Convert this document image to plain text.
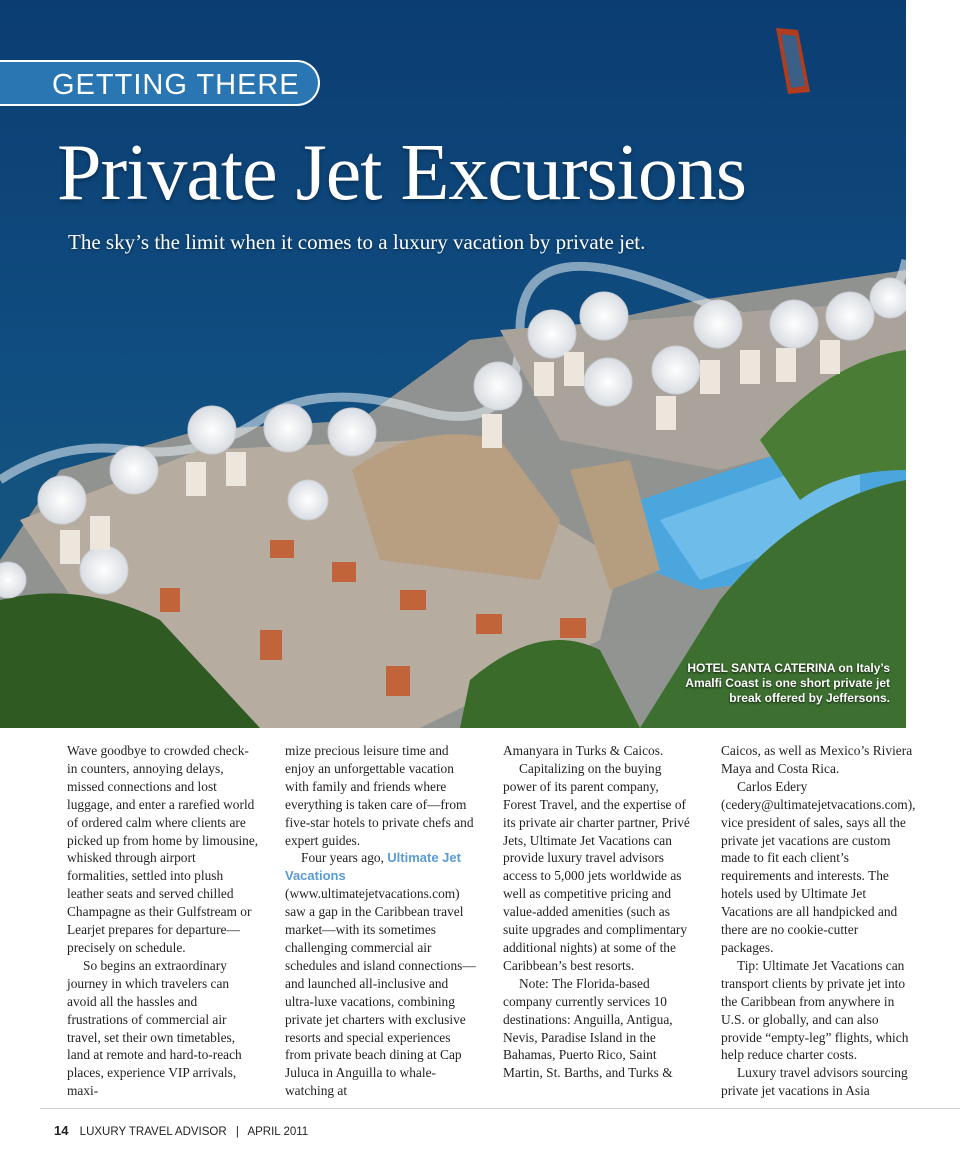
GETTING THERE
Private Jet Excursions

The sky’s the limit when it comes to a luxury vacation by private jet.

HOTEL SANTA CATERINA on Italy’s
Amalfi Coast is one short private jet
break offered by Jeffersons.

Wave goodbye to crowded check-in counters, annoying delays, missed connections and lost luggage, and enter a rarefied world of ordered calm where clients are picked up from home by limousine, whisked through airport formalities, settled into plush leather seats and served chilled Champagne as their Gulfstream or Learjet prepares for departure—precisely on schedule.

So begins an extraordinary journey in which travelers can avoid all the hassles and frustrations of commercial air travel, set their own timetables, land at remote and hard-to-reach places, experience VIP arrivals, maxi-

mize precious leisure time and enjoy an unforgettable vacation with family and friends where everything is taken care of—from five-star hotels to private chefs and expert guides.

Four years ago, Ultimate Jet Vacations (www.ultimatejetvacations.com) saw a gap in the Caribbean travel market—with its sometimes challenging commercial air schedules and island connections—and launched all-inclusive and ultra-luxe vacations, combining private jet charters with exclusive resorts and special experiences from private beach dining at Cap Juluca in Anguilla to whale-watching at

Amanyara in Turks & Caicos.

Capitalizing on the buying power of its parent company, Forest Travel, and the expertise of its private air charter partner, Privé Jets, Ultimate Jet Vacations can provide luxury travel advisors access to 5,000 jets worldwide as well as competitive pricing and value-added amenities (such as suite upgrades and complimentary additional nights) at some of the Caribbean’s best resorts.

Note: The Florida-based company currently services 10 destinations: Anguilla, Antigua, Nevis, Paradise Island in the Bahamas, Puerto Rico, Saint Martin, St. Barths, and Turks &

Caicos, as well as Mexico’s Riviera Maya and Costa Rica.

Carlos Edery (cedery@ultimatejetvacations.com), vice president of sales, says all the private jet vacations are custom made to fit each client’s requirements and interests. The hotels used by Ultimate Jet Vacations are all handpicked and there are no cookie-cutter packages.

Tip: Ultimate Jet Vacations can transport clients by private jet into the Caribbean from anywhere in U.S. or globally, and can also provide “empty-leg” flights, which help reduce charter costs.

Luxury travel advisors sourcing private jet vacations in Asia

14 LUXURY TRAVEL ADVISOR | APRIL 2011
